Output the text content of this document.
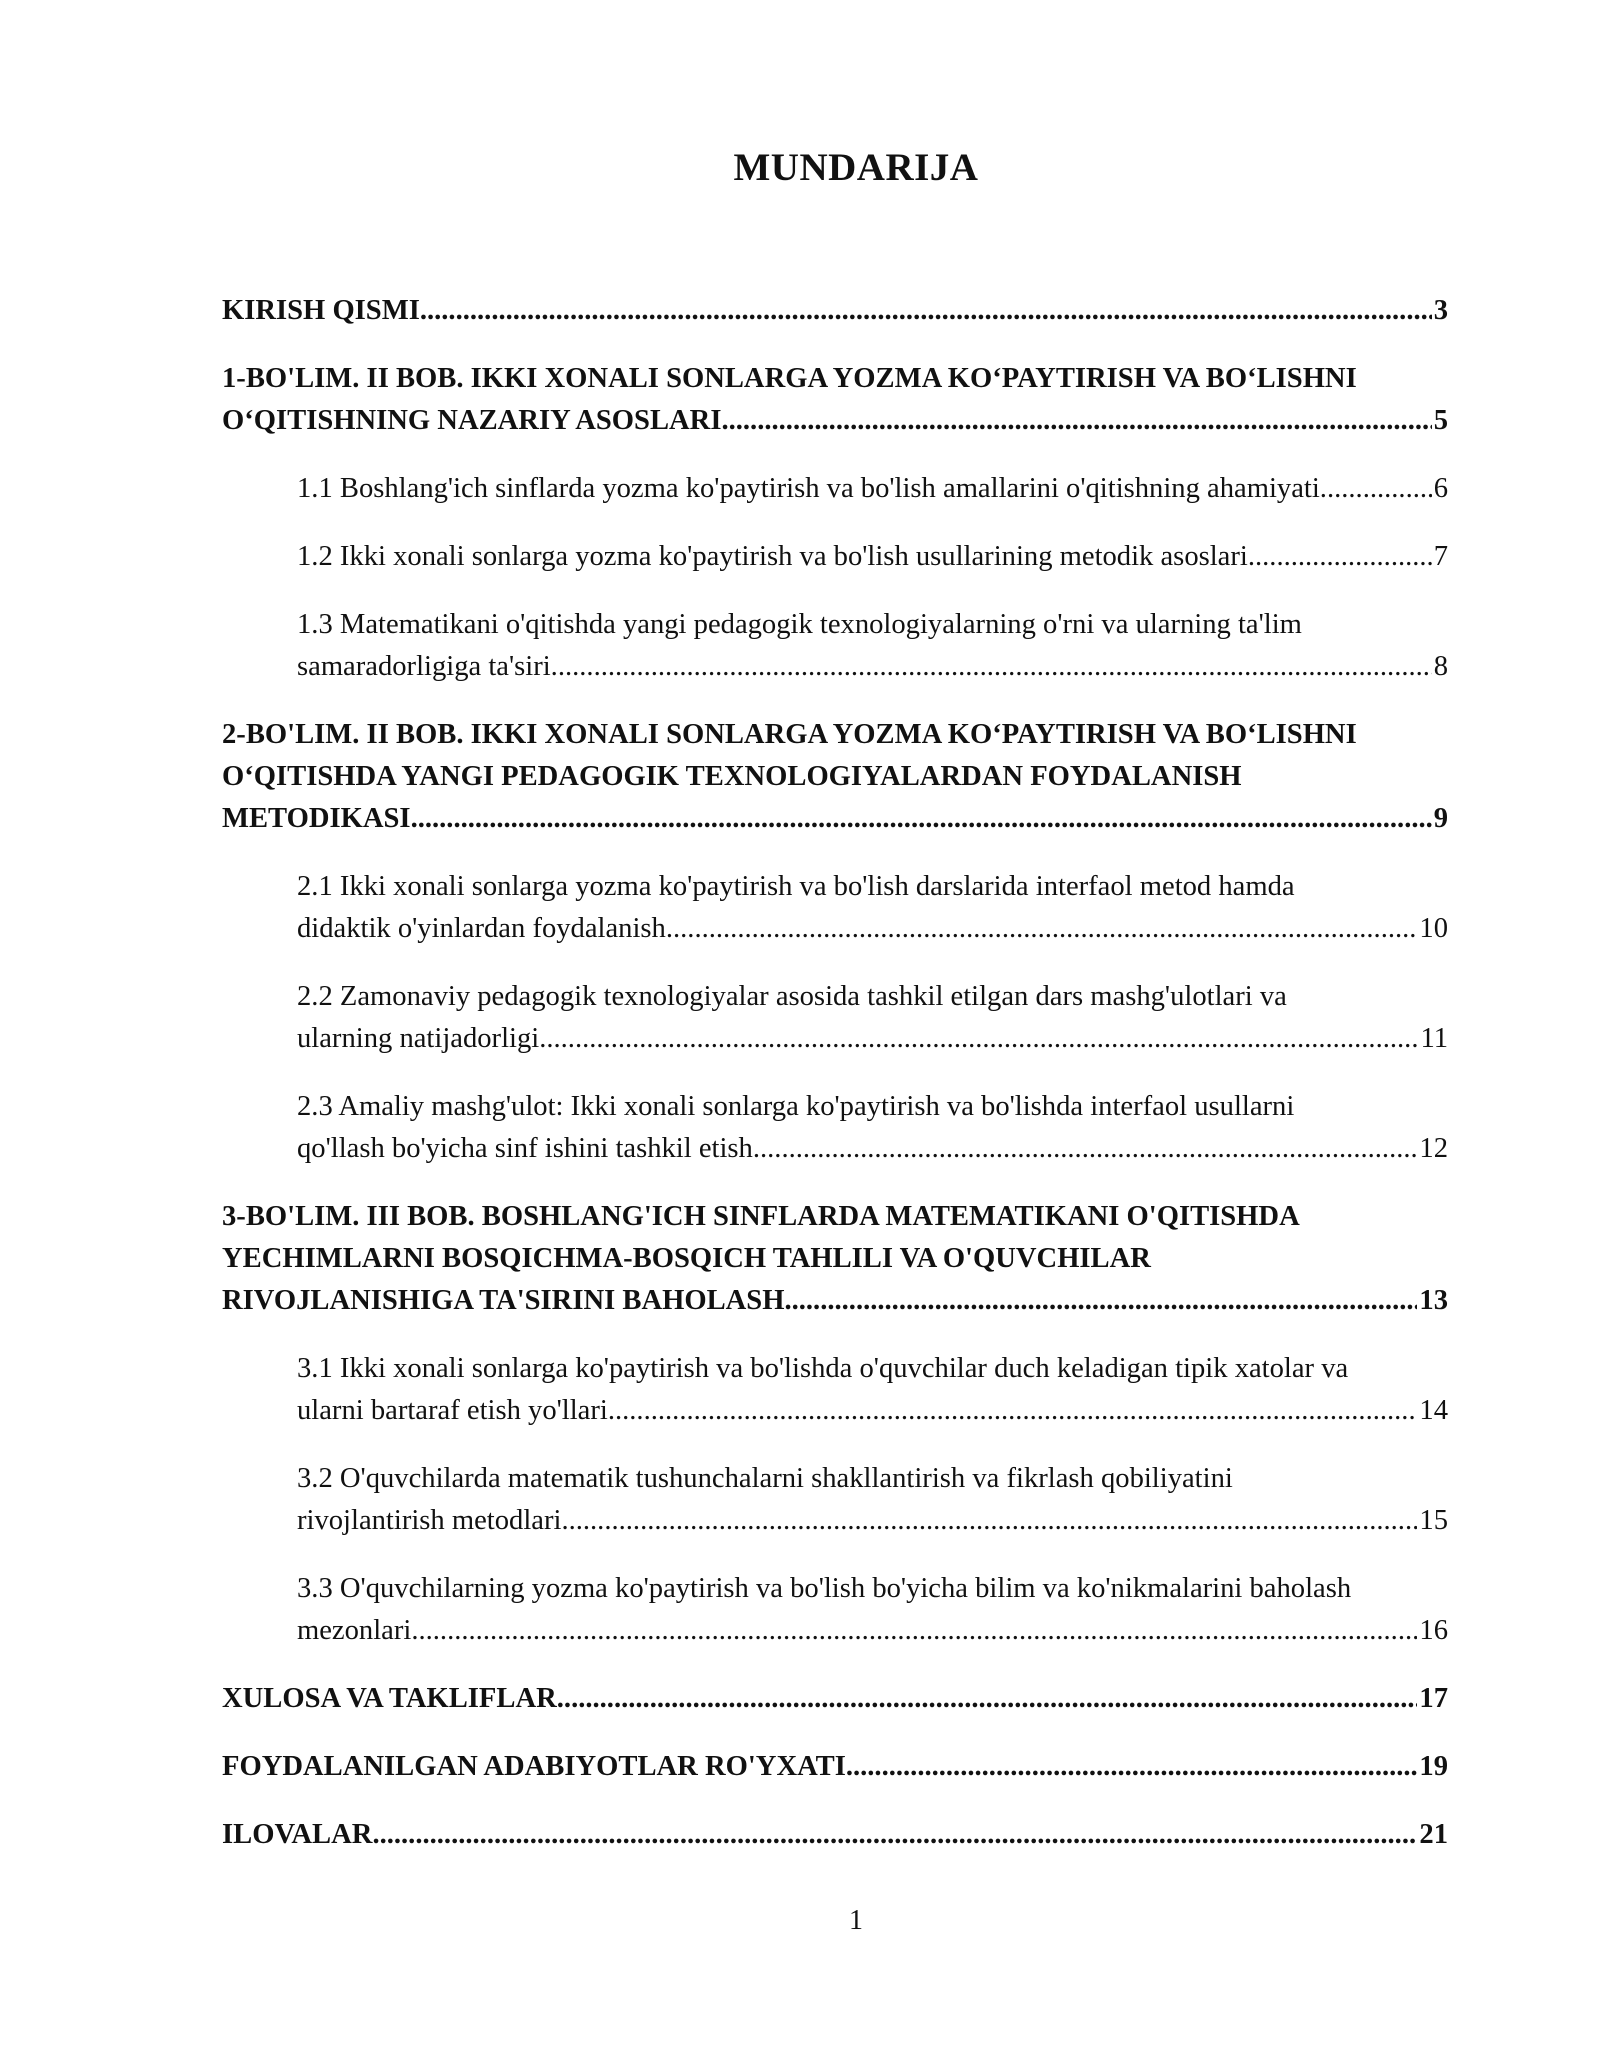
MUNDARIJA
KIRISH QISMI .....	3
1-BO'LIM. II BOB. IKKI XONALI SONLARGA YOZMA KO‘PAYTIRISH VA BO‘LISHNI
O‘QITISHNING NAZARIY ASOSLARI .....	5
1.1 Boshlang'ich sinflarda yozma ko'paytirish va bo'lish amallarini o'qitishning ahamiyati .....	6
1.2 Ikki xonali sonlarga yozma ko'paytirish va bo'lish usullarining metodik asoslari .....	7
1.3 Matematikani o'qitishda yangi pedagogik texnologiyalarning o'rni va ularning ta'lim
samaradorligiga ta'siri .....	8
2-BO'LIM. II BOB. IKKI XONALI SONLARGA YOZMA KO‘PAYTIRISH VA BO‘LISHNI
O‘QITISHDA YANGI PEDAGOGIK TEXNOLOGIYALARDAN FOYDALANISH
METODIKASI .....	9
2.1 Ikki xonali sonlarga yozma ko'paytirish va bo'lish darslarida interfaol metod hamda
didaktik o'yinlardan foydalanish .....	10
2.2 Zamonaviy pedagogik texnologiyalar asosida tashkil etilgan dars mashg'ulotlari va
ularning natijadorligi .....	11
2.3 Amaliy mashg'ulot: Ikki xonali sonlarga ko'paytirish va bo'lishda interfaol usullarni
qo'llash bo'yicha sinf ishini tashkil etish .....	12
3-BO'LIM. III BOB. BOSHLANG'ICH SINFLARDA MATEMATIKANI O'QITISHDA
YECHIMLARNI BOSQICHMA-BOSQICH TAHLILI VA O'QUVCHILAR
RIVOJLANISHIGA TA'SIRINI BAHOLASH .....	13
3.1 Ikki xonali sonlarga ko'paytirish va bo'lishda o'quvchilar duch keladigan tipik xatolar va
ularni bartaraf etish yo'llari .....	14
3.2 O'quvchilarda matematik tushunchalarni shakllantirish va fikrlash qobiliyatini
rivojlantirish metodlari .....	15
3.3 O'quvchilarning yozma ko'paytirish va bo'lish bo'yicha bilim va ko'nikmalarini baholash
mezonlari .....	16
XULOSA VA TAKLIFLAR .....	17
FOYDALANILGAN ADABIYOTLAR RO'YXATI .....	19
ILOVALAR .....	21
1
